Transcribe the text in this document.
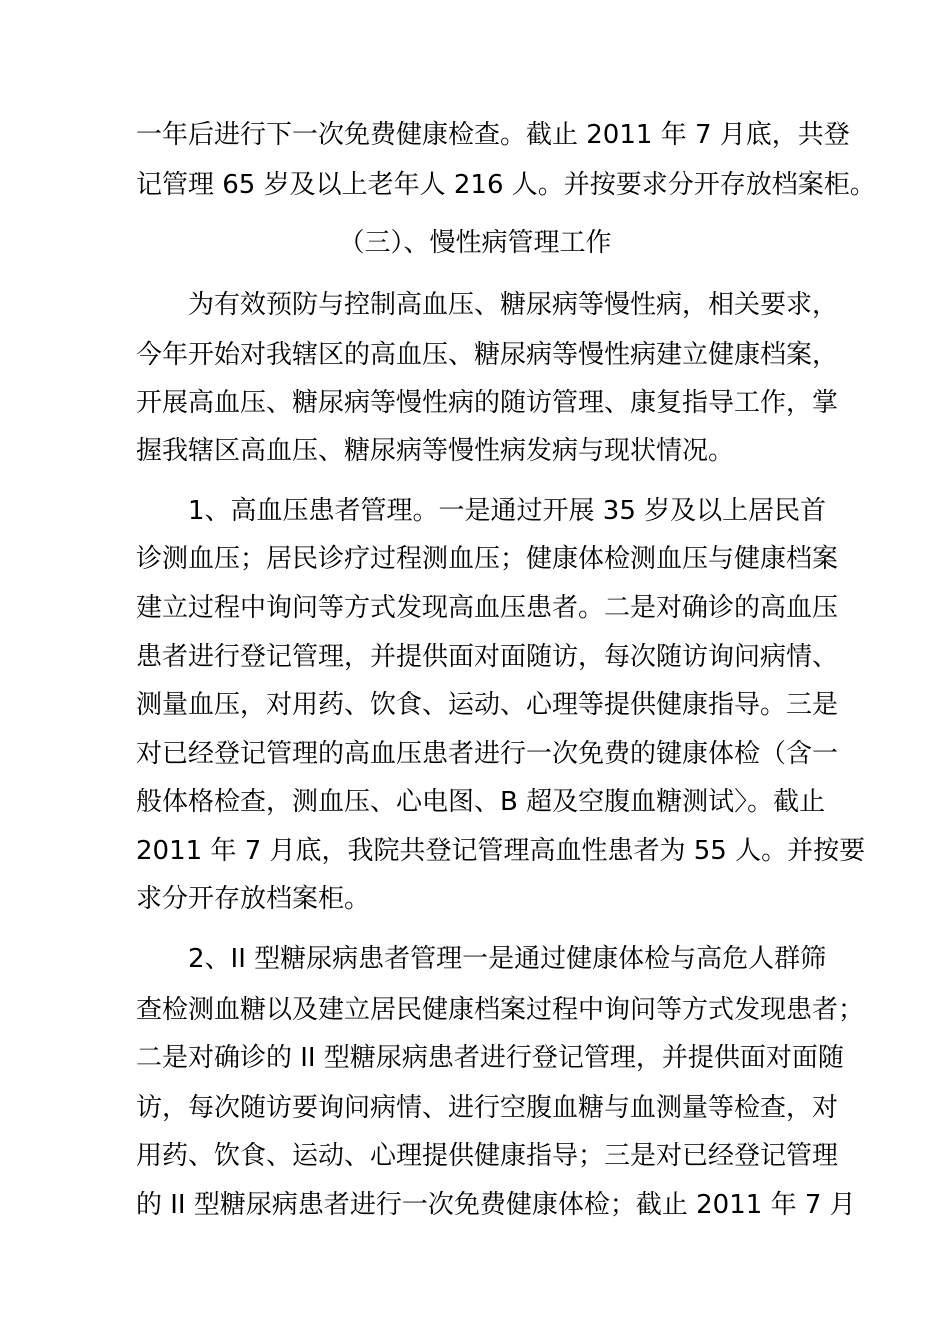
一年后进行下一次免费健康检查。截止 2011 年 7 月底，共登
记管理 65 岁及以上老年人 216 人。并按要求分开存放档案柜。
（三）、慢性病管理工作
为有效预防与控制高血压、糖尿病等慢性病，相关要求，
今年开始对我辖区的高血压、糖尿病等慢性病建立健康档案，
开展高血压、糖尿病等慢性病的随访管理、康复指导工作，掌
握我辖区高血压、糖尿病等慢性病发病与现状情况。
1、高血压患者管理。一是通过开展 35 岁及以上居民首
诊测血压；居民诊疗过程测血压；健康体检测血压与健康档案
建立过程中询问等方式发现高血压患者。二是对确诊的高血压
患者进行登记管理，并提供面对面随访，每次随访询问病情、
测量血压，对用药、饮食、运动、心理等提供健康指导。三是
对已经登记管理的高血压患者进行一次免费的键康体检（含一
般体格检查，测血压、心电图、B 超及空腹血糖测试〉。截止
2011 年 7 月底，我院共登记管理高血性患者为 55 人。并按要
求分开存放档案柜。
2、II 型糖尿病患者管理一是通过健康体检与高危人群筛
查检测血糖以及建立居民健康档案过程中询问等方式发现患者；
二是对确诊的 II 型糖尿病患者进行登记管理，并提供面对面随
访，每次随访要询问病情、进行空腹血糖与血测量等检查，对
用药、饮食、运动、心理提供健康指导；三是对已经登记管理
的 II 型糖尿病患者进行一次免费健康体检；截止 2011 年 7 月
